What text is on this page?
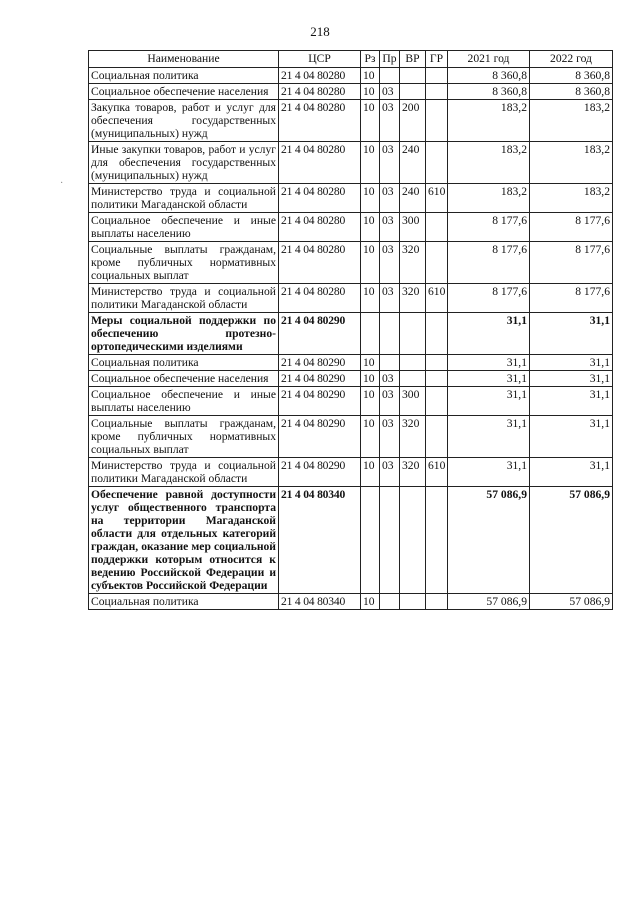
218
Наименование	ЦСР	Рз	Пр	ВР	ГР	2021 год	2022 год
Социальная политика	21 4 04 80280	10				8 360,8	8 360,8
Социальное обеспечение населения	21 4 04 80280	10	03			8 360,8	8 360,8
Закупка товаров, работ и услуг для обеспечения государственных (муниципальных) нужд	21 4 04 80280	10	03	200		183,2	183,2
Иные закупки товаров, работ и услуг для обеспечения государственных (муниципальных) нужд	21 4 04 80280	10	03	240		183,2	183,2
Министерство труда и социальной политики Магаданской области	21 4 04 80280	10	03	240	610	183,2	183,2
Социальное обеспечение и иные выплаты населению	21 4 04 80280	10	03	300		8 177,6	8 177,6
Социальные выплаты гражданам, кроме публичных нормативных социальных выплат	21 4 04 80280	10	03	320		8 177,6	8 177,6
Министерство труда и социальной политики Магаданской области	21 4 04 80280	10	03	320	610	8 177,6	8 177,6
Меры социальной поддержки по обеспечению протезно-ортопедическими изделиями	21 4 04 80290					31,1	31,1
Социальная политика	21 4 04 80290	10				31,1	31,1
Социальное обеспечение населения	21 4 04 80290	10	03			31,1	31,1
Социальное обеспечение и иные выплаты населению	21 4 04 80290	10	03	300		31,1	31,1
Социальные выплаты гражданам, кроме публичных нормативных социальных выплат	21 4 04 80290	10	03	320		31,1	31,1
Министерство труда и социальной политики Магаданской области	21 4 04 80290	10	03	320	610	31,1	31,1
Обеспечение равной доступности услуг общественного транспорта на территории Магаданской области для отдельных категорий граждан, оказание мер социальной поддержки которым относится к ведению Российской Федерации и субъектов Российской Федерации	21 4 04 80340					57 086,9	57 086,9
Социальная политика	21 4 04 80340	10				57 086,9	57 086,9
·
